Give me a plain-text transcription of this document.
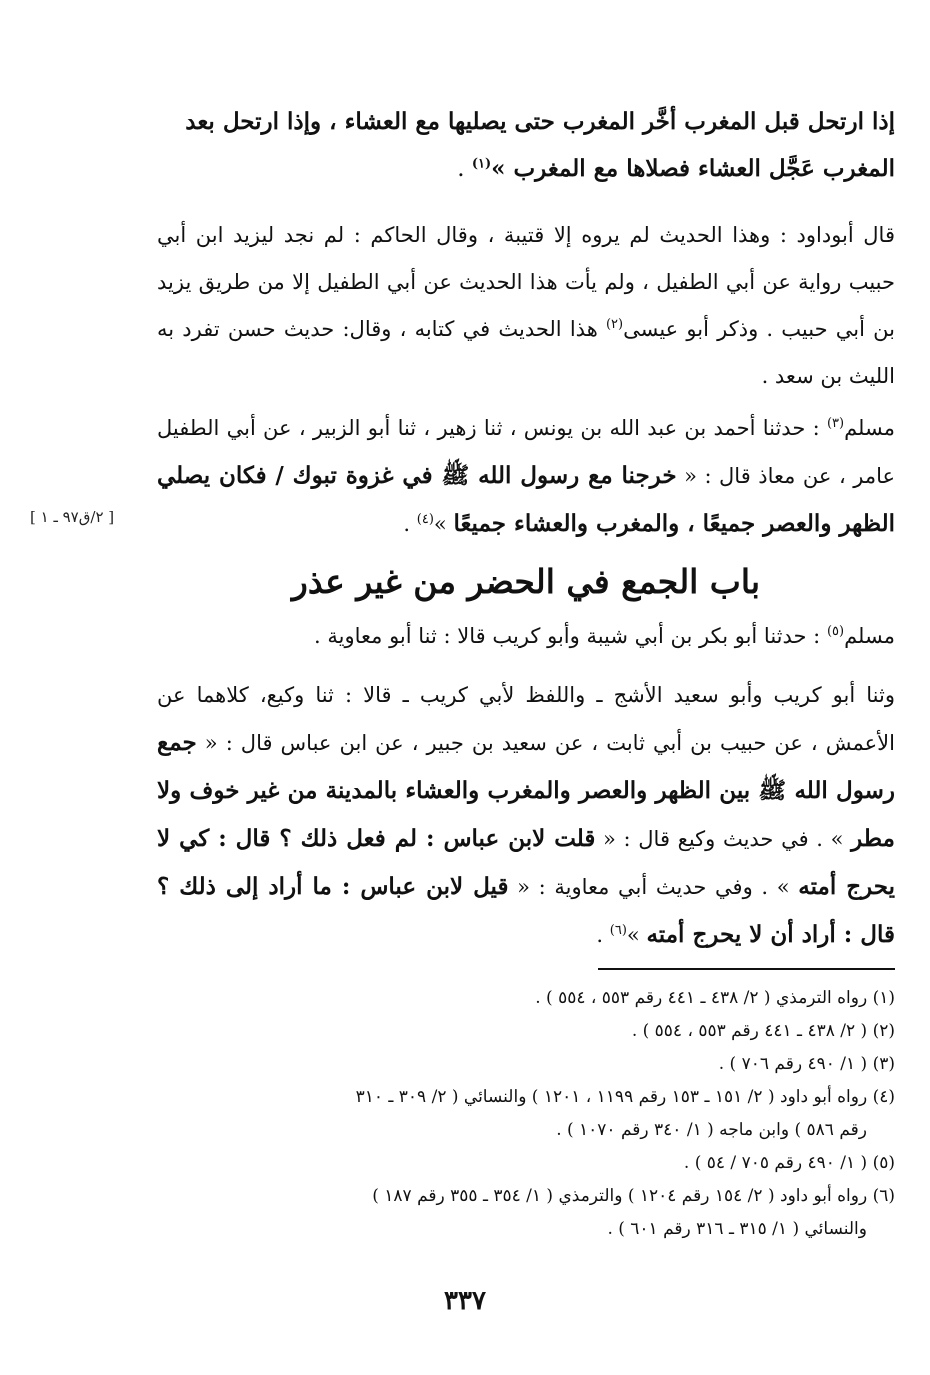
إذا ارتحل قبل المغرب أخَّر المغرب حتى يصليها مع العشاء ، وإذا ارتحل بعد

المغرب عَجَّل العشاء فصلاها مع المغرب »$^{(١)}$ .

قال أبوداود : وهذا الحديث لم يروه إلا قتيبة ، وقال الحاكم : لم نجد ليزيد ابن أبي حبيب رواية عن أبي الطفيل ، ولم يأت هذا الحديث عن أبي الطفيل إلا من طريق يزيد بن أبي حبيب . وذكر أبو عيسى$^{(٢)}$ هذا الحديث في كتابه ، وقال: حديث حسن تفرد به الليث بن سعد .

مسلم$^{(٣)}$ : حدثنا أحمد بن عبد الله بن يونس ، ثنا زهير ، ثنا أبو الزبير ، عن أبي الطفيل عامر ، عن معاذ قال : « خرجنا مع رسول الله ﷺ في غزوة تبوك / فكان يصلي الظهر والعصر جميعًا ، والمغرب والعشاء جميعًا »$^{(٤)}$ .

[ ٢/ق٩٧ ـ ١ ]
باب الجمع في الحضر من غير عذر

مسلم$^{(٥)}$ : حدثنا أبو بكر بن أبي شيبة وأبو كريب قالا : ثنا أبو معاوية .

وثنا أبو كريب وأبو سعيد الأشج ـ واللفظ لأبي كريب ـ قالا : ثنا وكيع، كلاهما عن الأعمش ، عن حبيب بن أبي ثابت ، عن سعيد بن جبير ، عن ابن عباس قال : « جمع رسول الله ﷺ بين الظهر والعصر والمغرب والعشاء بالمدينة من غير خوف ولا مطر » . في حديث وكيع قال : « قلت لابن عباس : لم فعل ذلك ؟ قال : كي لا يحرج أمته » . وفي حديث أبي معاوية : « قيل لابن عباس : ما أراد إلى ذلك ؟ قال : أراد أن لا يحرج أمته »$^{(٦)}$ .

(١) رواه الترمذي ( ٢/ ٤٣٨ ـ ٤٤١ رقم ٥٥٣ ، ٥٥٤ ) .

(٢) ( ٢/ ٤٣٨ ـ ٤٤١ رقم ٥٥٣ ، ٥٥٤ ) .

(٣) ( ١/ ٤٩٠ رقم ٧٠٦ ) .

(٤) رواه أبو داود ( ٢/ ١٥١ ـ ١٥٣ رقم ١١٩٩ ، ١٢٠١ ) والنسائي ( ٢/ ٣٠٩ ـ ٣١٠

رقم ٥٨٦ ) وابن ماجه ( ١/ ٣٤٠ رقم ١٠٧٠ ) .

(٥) ( ١/ ٤٩٠ رقم ٧٠٥ / ٥٤ ) .

(٦) رواه أبو داود ( ٢/ ١٥٤ رقم ١٢٠٤ ) والترمذي ( ١/ ٣٥٤ ـ ٣٥٥ رقم ١٨٧ )

والنسائي ( ١/ ٣١٥ ـ ٣١٦ رقم ٦٠١ ) .

٣٣٧
